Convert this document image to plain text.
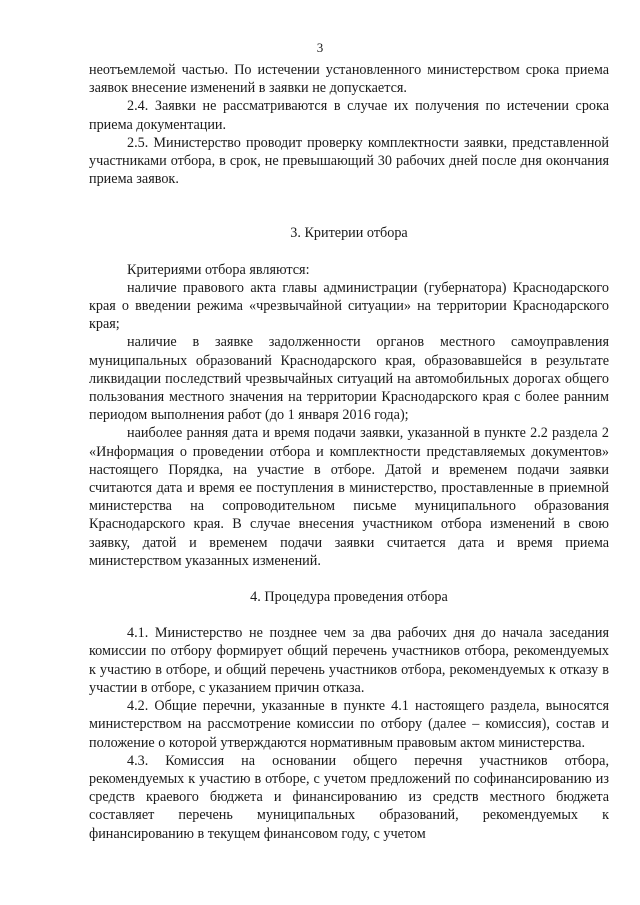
3

неотъемлемой частью. По истечении установленного министерством срока приема заявок внесение изменений в заявки не допускается.

2.4. Заявки не рассматриваются в случае их получения по истечении срока приема документации.

2.5. Министерство проводит проверку комплектности заявки, представленной участниками отбора, в срок, не превышающий 30 рабочих дней после дня окончания приема заявок.

3. Критерии отбора

Критериями отбора являются:

наличие правового акта главы администрации (губернатора) Краснодарского края о введении режима «чрезвычайной ситуации» на территории Краснодарского края;

наличие в заявке задолженности органов местного самоуправления муниципальных образований Краснодарского края, образовавшейся в результате ликвидации последствий чрезвычайных ситуаций на автомобильных дорогах общего пользования местного значения на территории Краснодарского края с более ранним периодом выполнения работ (до 1 января 2016 года);

наиболее ранняя дата и время подачи заявки, указанной в пункте 2.2 раздела 2 «Информация о проведении отбора и комплектности представляемых документов» настоящего Порядка, на участие в отборе. Датой и временем подачи заявки считаются дата и время ее поступления в министерство, проставленные в приемной министерства на сопроводительном письме муниципального образования Краснодарского края. В случае внесения участником отбора изменений в свою заявку, датой и временем подачи заявки считается дата и время приема министерством указанных изменений.

4. Процедура проведения отбора

4.1. Министерство не позднее чем за два рабочих дня до начала заседания комиссии по отбору формирует общий перечень участников отбора, рекомендуемых к участию в отборе, и общий перечень участников отбора, рекомендуемых к отказу в участии в отборе, с указанием причин отказа.

4.2. Общие перечни, указанные в пункте 4.1 настоящего раздела, выносятся министерством на рассмотрение комиссии по отбору (далее – комиссия), состав и положение о которой утверждаются нормативным правовым актом министерства.

4.3. Комиссия на основании общего перечня участников отбора, рекомендуемых к участию в отборе, с учетом предложений по софинансированию из средств краевого бюджета и финансированию из средств местного бюджета составляет перечень муниципальных образований, рекомендуемых к финансированию в текущем финансовом году, с учетом
